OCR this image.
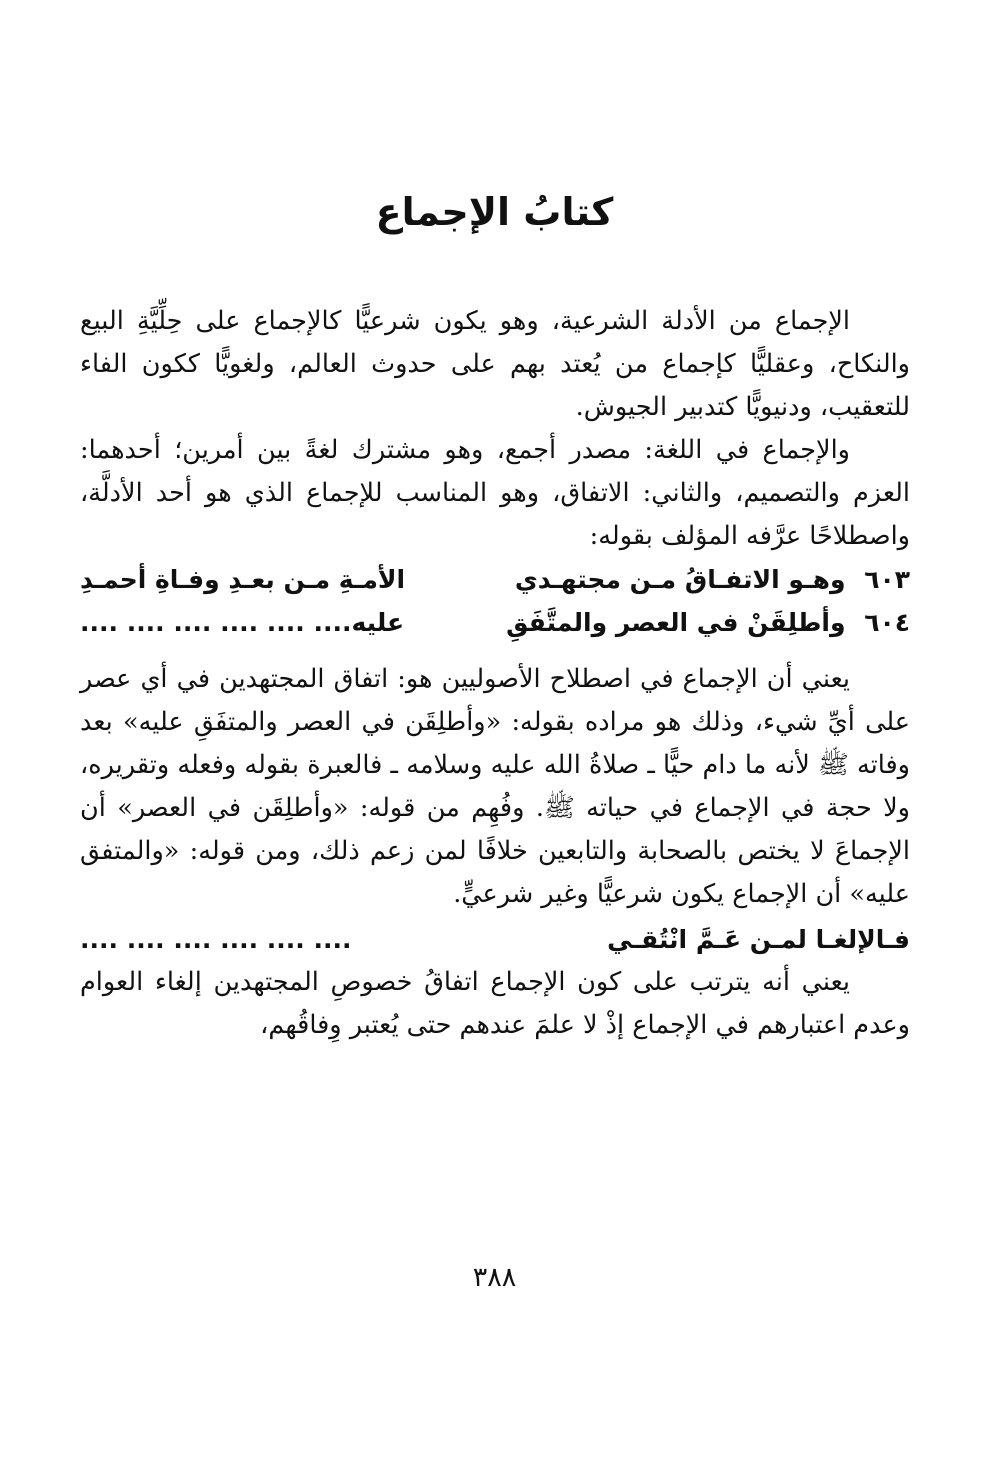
كتابُ الإجماع

الإجماع من الأدلة الشرعية، وهو يكون شرعيًّا كالإجماع على حِلِّيَّةِ البيع والنكاح، وعقليًّا كإجماع من يُعتد بهم على حدوث العالم، ولغويًّا ككون الفاء للتعقيب، ودنيويًّا كتدبير الجيوش.

والإجماع في اللغة: مصدر أجمع، وهو مشترك لغةً بين أمرين؛ أحدهما: العزم والتصميم، والثاني: الاتفاق، وهو المناسب للإجماع الذي هو أحد الأدلَّة، واصطلاحًا عرَّفه المؤلف بقوله:

٦٠٣ وهـو الاتفـاقُ مـن مجتهـدي
الأمـةِ مـن بعـدِ وفـاةِ أحمـدِ
٦٠٤ وأطلِقَنْ في العصر والمتَّفَقِ
عليه.... .... .... .... .... ....

يعني أن الإجماع في اصطلاح الأصوليين هو: اتفاق المجتهدين في أي عصر على أيِّ شيء، وذلك هو مراده بقوله: «وأطلِقَن في العصر والمتفَقِ عليه» بعد وفاته ﷺ لأنه ما دام حيًّا ـ صلاةُ الله عليه وسلامه ـ فالعبرة بقوله وفعله وتقريره، ولا حجة في الإجماع في حياته ﷺ. وفُهِم من قوله: «وأطلِقَن في العصر» أن الإجماعَ لا يختص بالصحابة والتابعين خلافًا لمن زعم ذلك، ومن قوله: «والمتفق عليه» أن الإجماع يكون شرعيًّا وغير شرعيٍّ.

فـالإلغـا لمـن عَـمَّ انْتُقـي
.... .... .... .... .... ....

يعني أنه يترتب على كون الإجماع اتفاقُ خصوصِ المجتهدين إلغاء العوام وعدم اعتبارهم في الإجماع إذْ لا علمَ عندهم حتى يُعتبر وِفاقُهم،

٣٨٨
